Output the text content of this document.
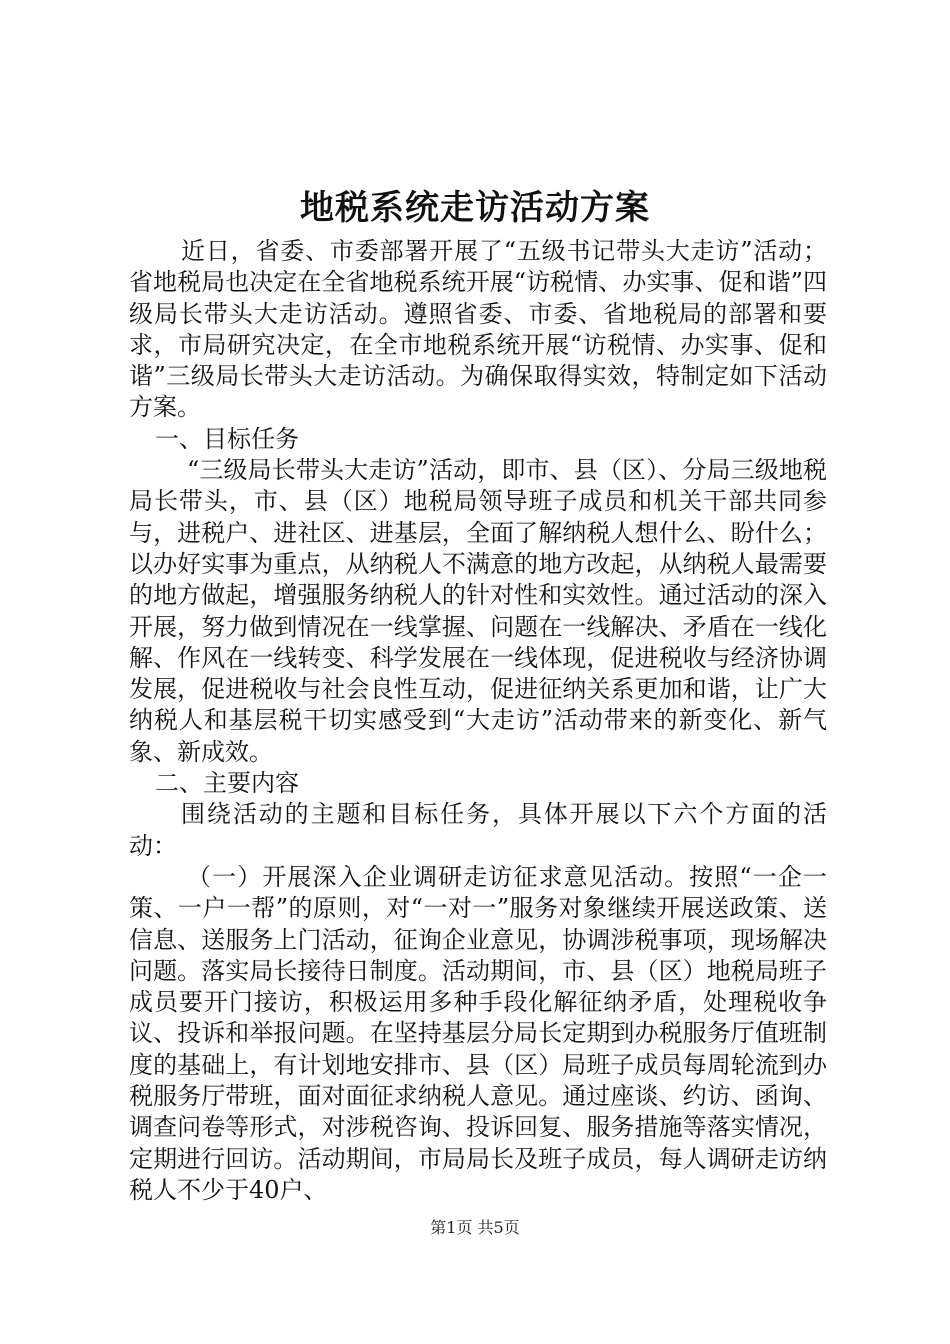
地税系统走访活动方案

近日，省委、市委部署开展了“五级书记带头大走访”活动；省地税局也决定在全省地税系统开展“访税情、办实事、促和谐”四级局长带头大走访活动。遵照省委、市委、省地税局的部署和要求，市局研究决定，在全市地税系统开展“访税情、办实事、促和谐”三级局长带头大走访活动。为确保取得实效，特制定如下活动方案。

一、目标任务

“三级局长带头大走访”活动，即市、县（区）、分局三级地税局长带头，市、县（区）地税局领导班子成员和机关干部共同参与，进税户、进社区、进基层，全面了解纳税人想什么、盼什么；以办好实事为重点，从纳税人不满意的地方改起，从纳税人最需要的地方做起，增强服务纳税人的针对性和实效性。通过活动的深入开展，努力做到情况在一线掌握、问题在一线解决、矛盾在一线化解、作风在一线转变、科学发展在一线体现，促进税收与经济协调发展，促进税收与社会良性互动，促进征纳关系更加和谐，让广大纳税人和基层税干切实感受到“大走访”活动带来的新变化、新气象、新成效。

二、主要内容

围绕活动的主题和目标任务，具体开展以下六个方面的活动：

（一）开展深入企业调研走访征求意见活动。按照“一企一策、一户一帮”的原则，对“一对一”服务对象继续开展送政策、送信息、送服务上门活动，征询企业意见，协调涉税事项，现场解决问题。落实局长接待日制度。活动期间，市、县（区）地税局班子成员要开门接访，积极运用多种手段化解征纳矛盾，处理税收争议、投诉和举报问题。在坚持基层分局长定期到办税服务厅值班制度的基础上，有计划地安排市、县（区）局班子成员每周轮流到办税服务厅带班，面对面征求纳税人意见。通过座谈、约访、函询、调查问卷等形式，对涉税咨询、投诉回复、服务措施等落实情况，定期进行回访。活动期间，市局局长及班子成员，每人调研走访纳税人不少于40户、

第1页 共5页
